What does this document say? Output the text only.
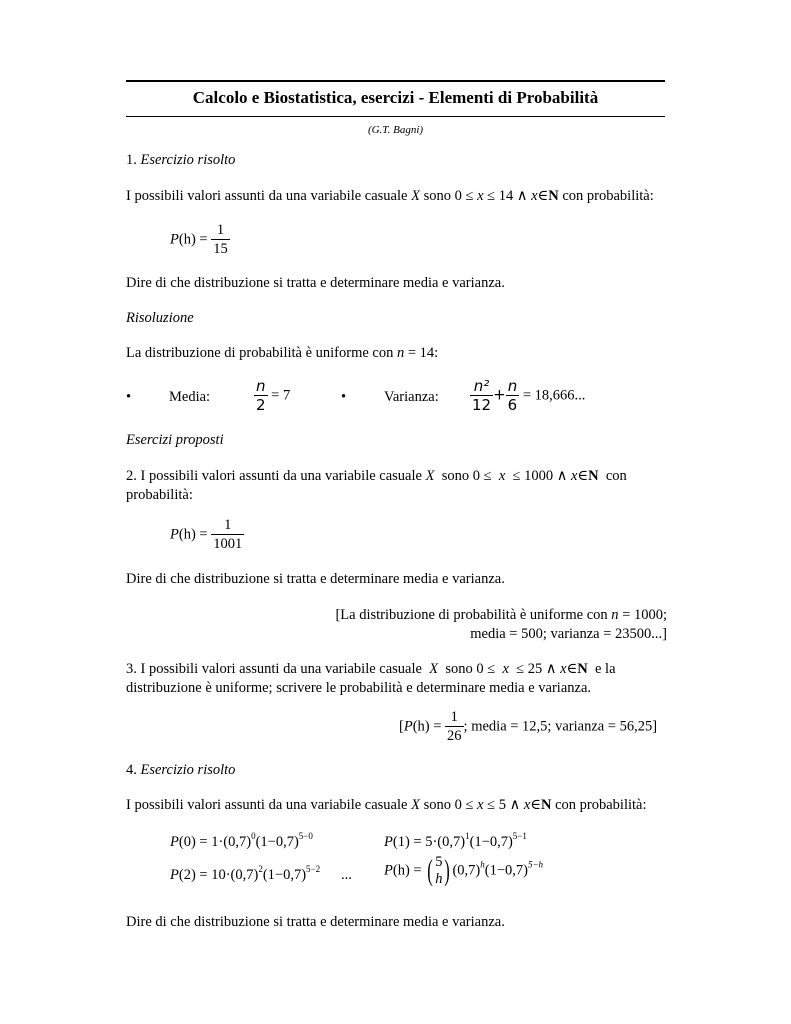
Calcolo e Biostatistica, esercizi - Elementi di Probabilità
(G.T. Bagni)
1. Esercizio risolto
I possibili valori assunti da una variabile casuale X sono 0 ≤ x ≤ 14 ∧ x∈N con probabilità:
$P(h) = \frac{1}{15}$
Dire di che distribuzione si tratta e determinare media e varianza.
Risoluzione
La distribuzione di probabilità è uniforme con n = 14:
•	Media:	$\frac{n}{2} = 7$	•	Varianza: $\frac{\text{n²}}{12} + \frac{n}{6} = 18,666$...
Esercizi proposti
2. I possibili valori assunti da una variabile casuale X sono 0 ≤ x ≤ 1000 ∧ x∈N con
probabilità:
$P(h) = \frac{1}{1001}$
Dire di che distribuzione si tratta e determinare media e varianza.
[La distribuzione di probabilità è uniforme con n = 1000;
media = 500; varianza = 23500...]
3. I possibili valori assunti da una variabile casuale X sono 0 ≤ x ≤ 25 ∧ x∈N e la
distribuzione è uniforme; scrivere le probabilità e determinare media e varianza.
[$P(h) = \frac{1}{26}$ ; media = 12,5; varianza = 56,25]
4. Esercizio risolto
I possibili valori assunti da una variabile casuale X sono 0 ≤ x ≤ 5 ∧ x∈N con probabilità:
$P(0) = 1\cdot(0,7)^0(1-0,7)^{5-0}$	$P(1) = 5\cdot(0,7)^1(1-0,7)^{5-1}$
$P(2) = 10\cdot(0,7)^2(1-0,7)^{5-2}$ ... P(h) = ( 5
h ) $(0,7)^h(1-0,7)^{5-h}$
Dire di che distribuzione si tratta e determinare media e varianza.
